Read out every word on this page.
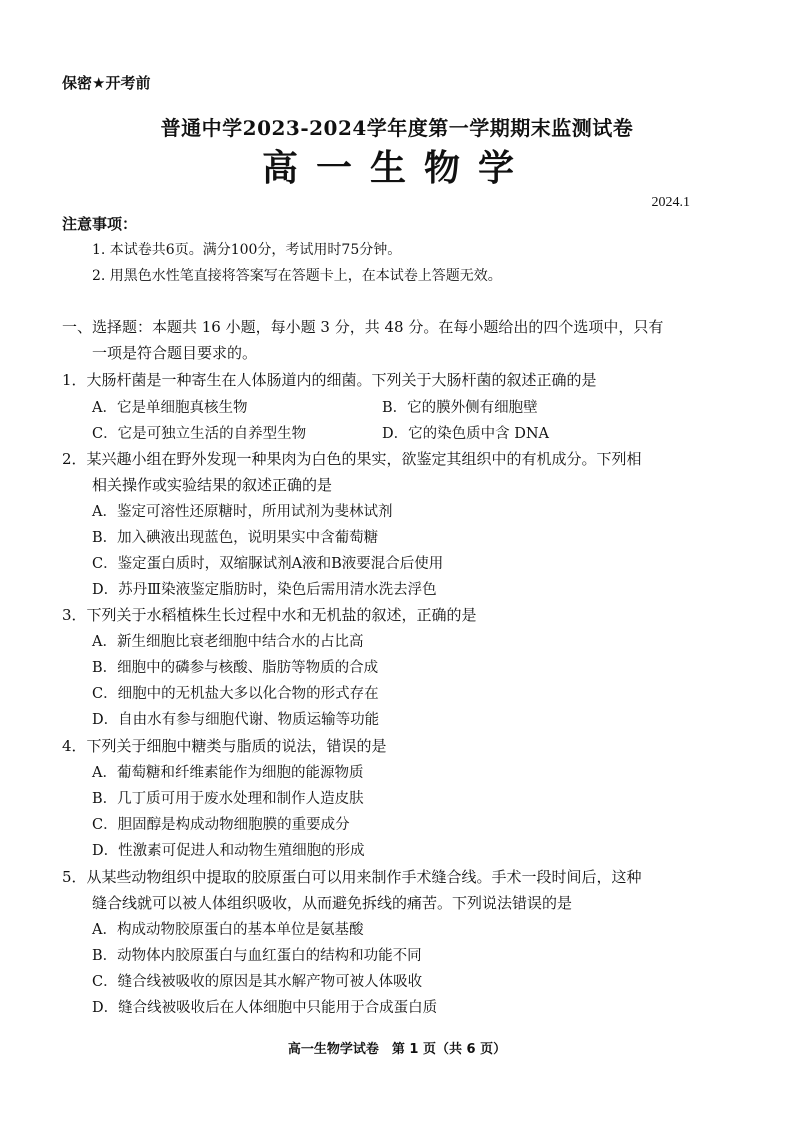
保密★开考前
普通中学2023-2024学年度第一学期期末监测试卷
高一生物学
2024.1
注意事项：
1. 本试卷共6页。满分100分，考试用时75分钟。
2. 用黑色水性笔直接将答案写在答题卡上，在本试卷上答题无效。
一、选择题：本题共 16 小题，每小题 3 分，共 48 分。在每小题给出的四个选项中，只有
一项是符合题目要求的。
1．大肠杆菌是一种寄生在人体肠道内的细菌。下列关于大肠杆菌的叙述正确的是
A．它是单细胞真核生物	B．它的膜外侧有细胞壁
C．它是可独立生活的自养型生物	D．它的染色质中含 DNA
2．某兴趣小组在野外发现一种果肉为白色的果实，欲鉴定其组织中的有机成分。下列相
相关操作或实验结果的叙述正确的是
A．鉴定可溶性还原糖时，所用试剂为斐林试剂
B．加入碘液出现蓝色，说明果实中含葡萄糖
C．鉴定蛋白质时，双缩脲试剂A液和B液要混合后使用
D．苏丹Ⅲ染液鉴定脂肪时，染色后需用清水洗去浮色
3．下列关于水稻植株生长过程中水和无机盐的叙述，正确的是
A．新生细胞比衰老细胞中结合水的占比高
B．细胞中的磷参与核酸、脂肪等物质的合成
C．细胞中的无机盐大多以化合物的形式存在
D．自由水有参与细胞代谢、物质运输等功能
4．下列关于细胞中糖类与脂质的说法，错误的是
A．葡萄糖和纤维素能作为细胞的能源物质
B．几丁质可用于废水处理和制作人造皮肤
C．胆固醇是构成动物细胞膜的重要成分
D．性激素可促进人和动物生殖细胞的形成
5．从某些动物组织中提取的胶原蛋白可以用来制作手术缝合线。手术一段时间后，这种
缝合线就可以被人体组织吸收，从而避免拆线的痛苦。下列说法错误的是
A．构成动物胶原蛋白的基本单位是氨基酸
B．动物体内胶原蛋白与血红蛋白的结构和功能不同
C．缝合线被吸收的原因是其水解产物可被人体吸收
D．缝合线被吸收后在人体细胞中只能用于合成蛋白质
高一生物学试卷　第 1 页（共 6 页）
